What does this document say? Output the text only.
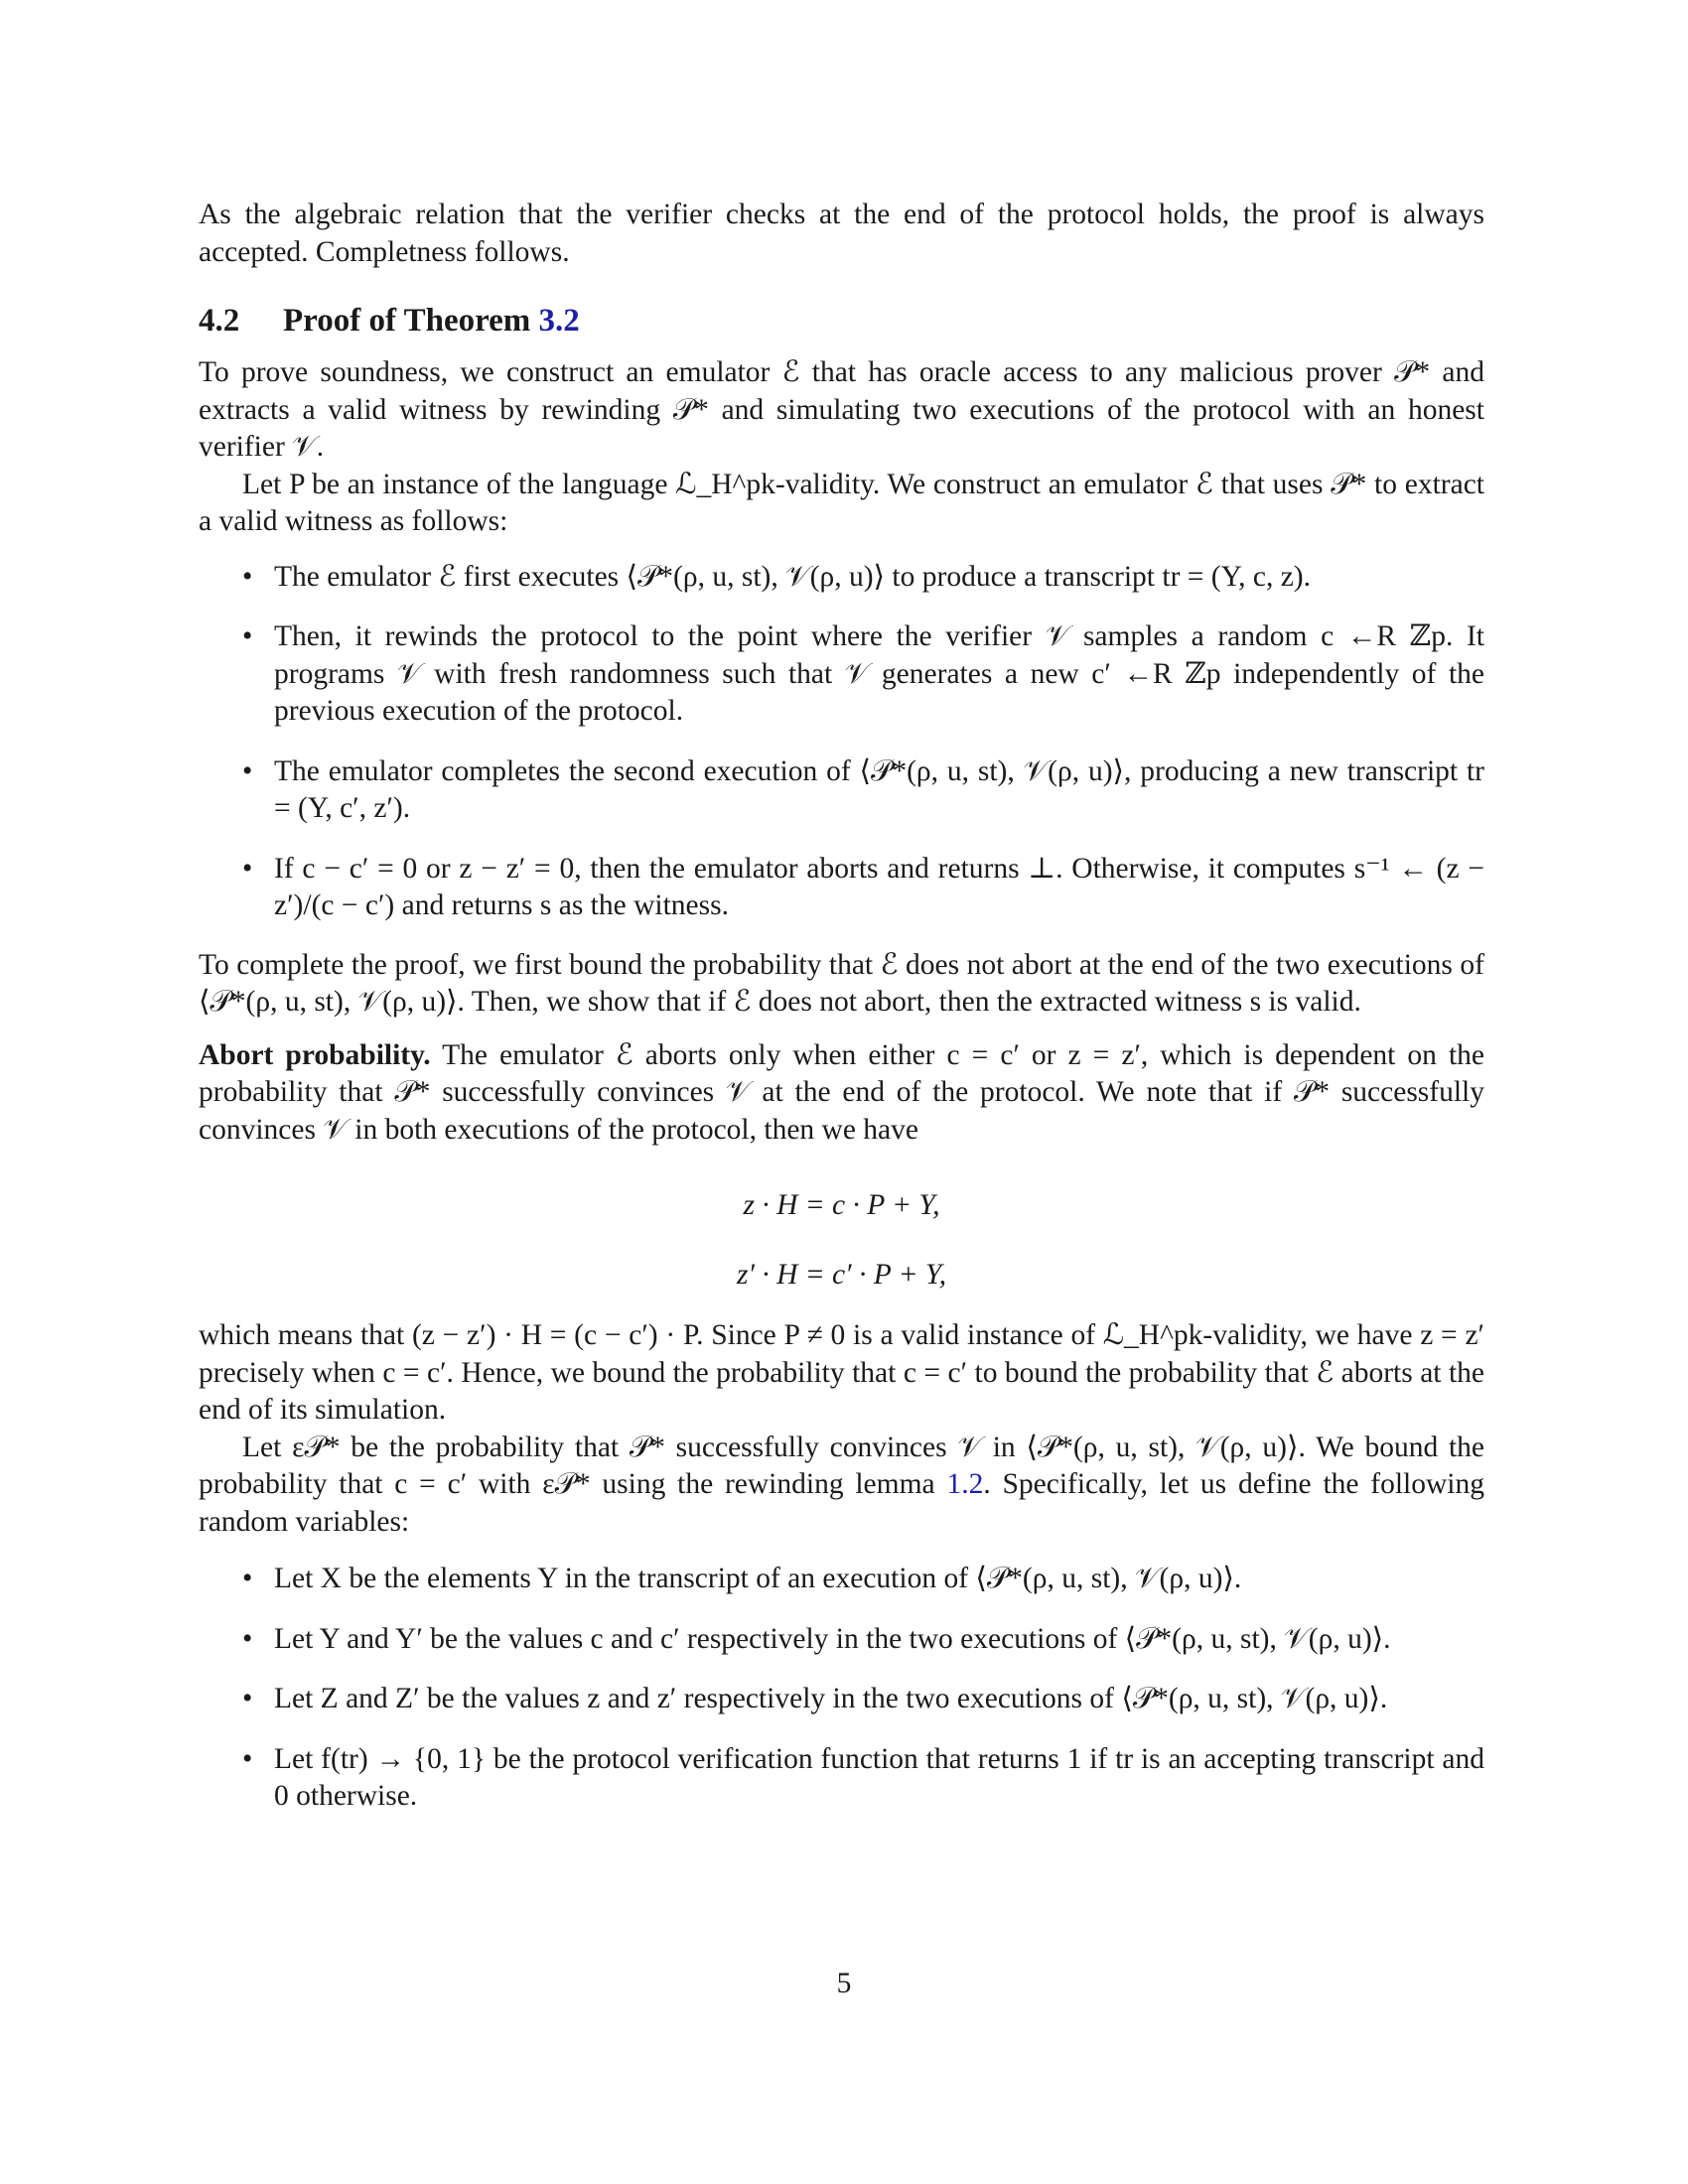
As the algebraic relation that the verifier checks at the end of the protocol holds, the proof is always accepted. Completness follows.

4.2 Proof of Theorem 3.2

To prove soundness, we construct an emulator ℰ that has oracle access to any malicious prover 𝒫* and extracts a valid witness by rewinding 𝒫* and simulating two executions of the protocol with an honest verifier 𝒱.

Let P be an instance of the language ℒ_H^pk-validity. We construct an emulator ℰ that uses 𝒫* to extract a valid witness as follows:

• The emulator ℰ first executes ⟨𝒫*(ρ, u, st), 𝒱(ρ, u)⟩ to produce a transcript tr = (Y, c, z).
• Then, it rewinds the protocol to the point where the verifier 𝒱 samples a random c ←R ℤp. It programs 𝒱 with fresh randomness such that 𝒱 generates a new c′ ←R ℤp independently of the previous execution of the protocol.
• The emulator completes the second execution of ⟨𝒫*(ρ, u, st), 𝒱(ρ, u)⟩, producing a new transcript tr = (Y, c′, z′).
• If c − c′ = 0 or z − z′ = 0, then the emulator aborts and returns ⊥. Otherwise, it computes s⁻¹ ← (z − z′)/(c − c′) and returns s as the witness.

To complete the proof, we first bound the probability that ℰ does not abort at the end of the two executions of ⟨𝒫*(ρ, u, st), 𝒱(ρ, u)⟩. Then, we show that if ℰ does not abort, then the extracted witness s is valid.

Abort probability. The emulator ℰ aborts only when either c = c′ or z = z′, which is dependent on the probability that 𝒫* successfully convinces 𝒱 at the end of the protocol. We note that if 𝒫* successfully convinces 𝒱 in both executions of the protocol, then we have

z · H = c · P + Y,
z′ · H = c′ · P + Y,

which means that (z − z′) · H = (c − c′) · P. Since P ≠ 0 is a valid instance of ℒ_H^pk-validity, we have z = z′ precisely when c = c′. Hence, we bound the probability that c = c′ to bound the probability that ℰ aborts at the end of its simulation.

Let ε𝒫* be the probability that 𝒫* successfully convinces 𝒱 in ⟨𝒫*(ρ, u, st), 𝒱(ρ, u)⟩. We bound the probability that c = c′ with ε𝒫* using the rewinding lemma 1.2. Specifically, let us define the following random variables:

• Let X be the elements Y in the transcript of an execution of ⟨𝒫*(ρ, u, st), 𝒱(ρ, u)⟩.
• Let Y and Y′ be the values c and c′ respectively in the two executions of ⟨𝒫*(ρ, u, st), 𝒱(ρ, u)⟩.
• Let Z and Z′ be the values z and z′ respectively in the two executions of ⟨𝒫*(ρ, u, st), 𝒱(ρ, u)⟩.
• Let f(tr) → {0, 1} be the protocol verification function that returns 1 if tr is an accepting transcript and 0 otherwise.
5
